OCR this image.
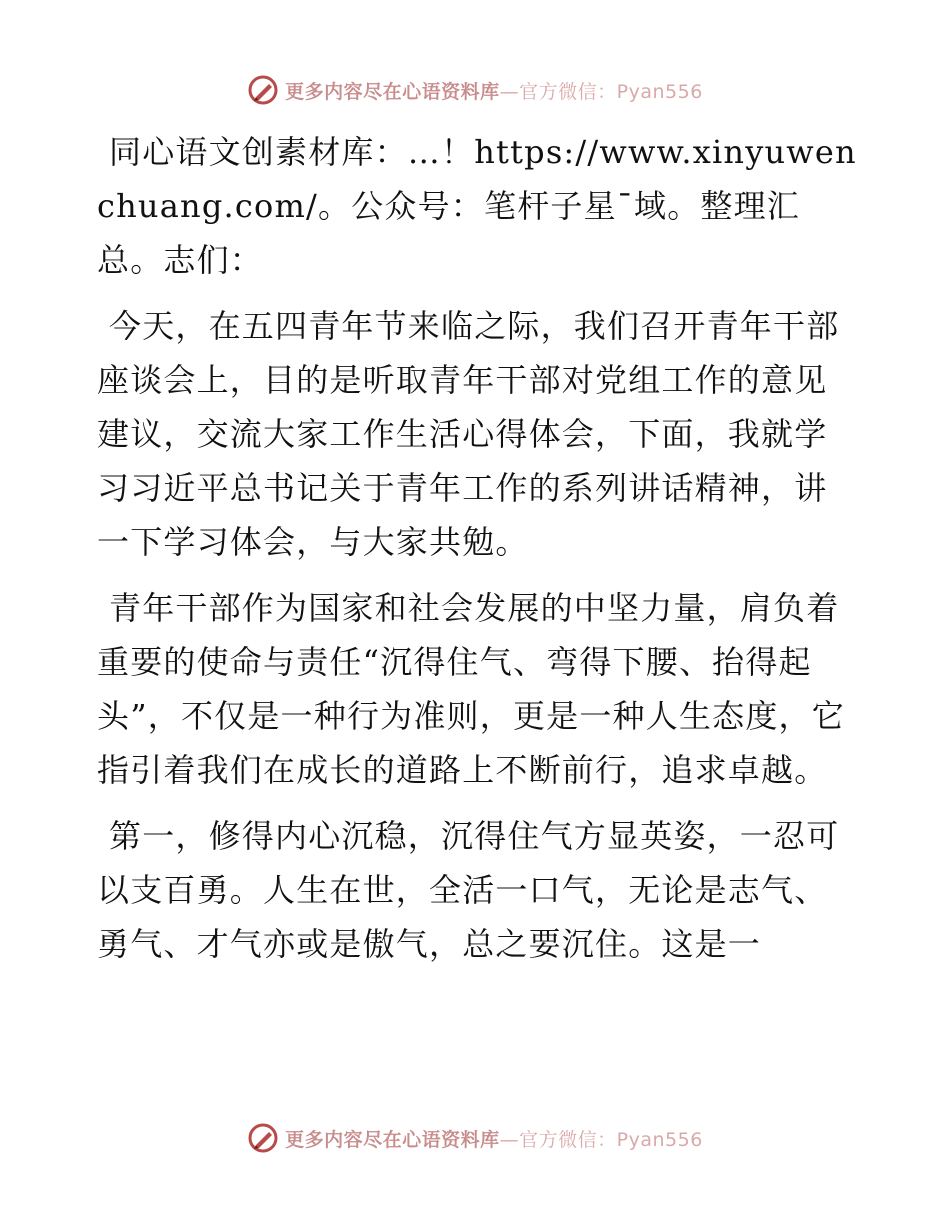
更多内容尽在心语资料库—官方微信：Pyan556

同心语文创素材库：…！https://www.xinyuwenchuang.com/。公众号：笔杆子星¯域。整理汇总。志们：

今天，在五四青年节来临之际，我们召开青年干部座谈会上，目的是听取青年干部对党组工作的意见建议，交流大家工作生活心得体会，下面，我就学习习近平总书记关于青年工作的系列讲话精神，讲一下学习体会，与大家共勉。

青年干部作为国家和社会发展的中坚力量，肩负着重要的使命与责任“沉得住气、弯得下腰、抬得起头”，不仅是一种行为准则，更是一种人生态度，它指引着我们在成长的道路上不断前行，追求卓越。

第一，修得内心沉稳，沉得住气方显英姿，一忍可以支百勇。人生在世，全活一口气，无论是志气、勇气、才气亦或是傲气，总之要沉住。这是一

更多内容尽在心语资料库—官方微信：Pyan556
